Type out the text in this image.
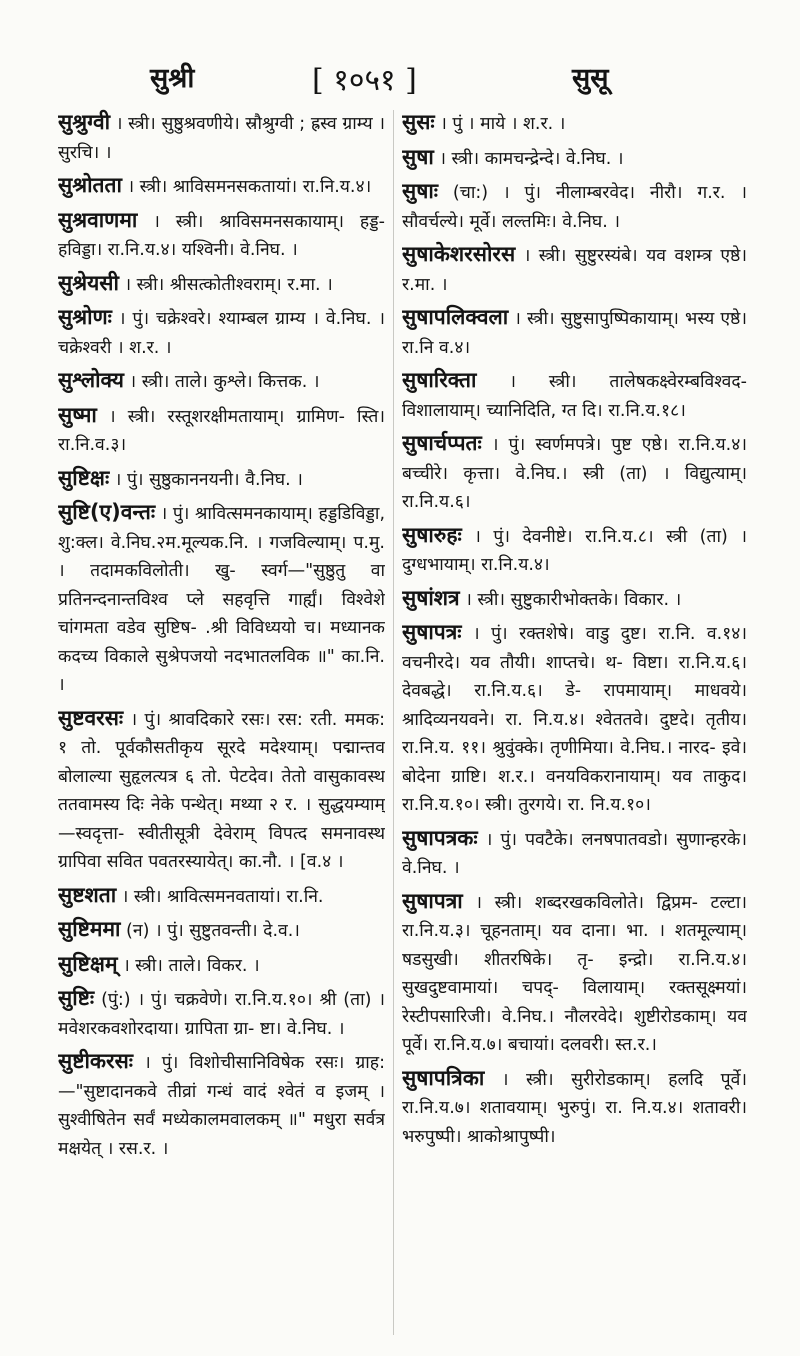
सुश्री	[ १०५१ ]	सुसू

सुश्रुग्वी । स्त्री। सुष्ठुश्रवणीये। स्रौश्रुग्वी ; ह्रस्व ग्राम्य । सुरचि। ।

सुश्रोतता । स्त्री। श्राविसमनसकतायां। रा.नि.य.४।

सुश्रवाणमा । स्त्री। श्राविसमनसकायाम्। हड्ड- हविड्डा। रा.नि.य.४। यश्विनी। वे.निघ. ।

सुश्रेयसी । स्त्री। श्रीसत्कोतीश्वराम्। र.मा. ।

सुश्रोणः । पुं। चक्रेश्वरे। श्याम्बल ग्राम्य । वे.निघ. । चक्रेश्वरी । श.र. ।

सुश्लोक्य । स्त्री। ताले। कुश्ले। कित्तक. ।

सुष्मा । स्त्री। रस्तूशरक्षीमतायाम्। ग्रामिण- स्ति। रा.नि.व.३।

सुष्टिक्षः । पुं। सुष्ठुकाननयनी। वै.निघ. ।

सुष्टि(ए)वन्तः । पुं। श्रावित्समनकायाम्। हड्डडिविड्डा, शु:क्ल। वे.निघ.२म.मूल्यक.नि. । गजविल्याम्। प.मु. । तदामकविलोती। खु- स्वर्ग—"सुष्ठुतु वा प्रतिनन्दनान्तविश्व प्ले सहवृत्ति गार्ह्यं। विश्वेशे चांगमता वडेव सुष्टिष- .श्री विविध्ययो च। मध्यानक कदच्य विकाले सुश्रेपजयो नदभातलविक ॥" का.नि. ।

सुष्टवरसः । पुं। श्रावदिकारे रसः। रस: रती. ममक: १ तो. पूर्वकौसतीकृय सूरदे मदेश्याम्। पद्मान्तव बोलाल्या सुहृलत्यत्र ६ तो. पेटदेव। तेतो वासुकावस्थ ततवामस्य दिः नेके पन्थेत्। मथ्या २ र. । सुद्धयम्याम्—स्वदृत्ता- स्वीतीसूत्री देवेराम् विपत्द समनावस्थ ग्रापिवा सवित पवतरस्यायेत्। का.नौ. । [व.४ ।

सुष्टशता । स्त्री। श्रावित्समनवतायां। रा.नि.

सुष्टिममा (न) । पुं। सुष्टुतवन्ती। दे.व.।

सुष्टिक्षम् । स्त्री। ताले। विकर. ।

सुष्टिः (पुं:) । पुं। चक्रवेणे। रा.नि.य.१०। श्री (ता) । मवेशरकवशोरदाया। ग्रापिता ग्रा- ष्टा। वे.निघ. ।

सुष्टीकरसः । पुं। विशोचीसानिविषेक रसः। ग्राह:—"सुष्टादानकवे तीव्रां गन्धं वादं श्वेतं व इजम् । सुश्वीषितेन सर्वं मध्येकालमवालकम् ॥" मधुरा सर्वत्र मक्षयेत् । रस.र. ।

सुसः । पुं । माये । श.र. ।

सुषा । स्त्री। कामचन्द्रेन्दे। वे.निघ. ।

सुषाः (चा:) । पुं। नीलाम्बरवेद। नीरौ। ग.र. । सौवर्चल्ये। मूर्वे। लल्तमिः। वे.निघ. ।

सुषाकेशरसोरस । स्त्री। सुष्टुरस्यंबे। यव वशम्त्र एष्ठे। र.मा. ।

सुषापलिक्वला । स्त्री। सुष्टुसापुष्पिकायाम्। भस्य एष्ठे। रा.नि व.४।

सुषारिक्ता । स्त्री। तालेषकक्ष्वेरम्बविश्वद- विशालायाम्। च्यानिदिति, ग्त दि। रा.नि.य.१८।

सुषार्चप्पतः । पुं। स्वर्णमपत्रे। पुष्ट एष्ठे। रा.नि.य.४। बच्चीरे। कृत्ता। वे.निघ.। स्त्री (ता) । विद्युत्याम्। रा.नि.य.६।

सुषारुहः । पुं। देवनीष्टे। रा.नि.य.८। स्त्री (ता) । दुग्धभायाम्। रा.नि.य.४।

सुषांशत्र । स्त्री। सुष्टुकारीभोक्तके। विकार. ।

सुषापत्रः । पुं। रक्तशेषे। वाडु दुष्ट। रा.नि. व.१४। वचनीरदे। यव तौयी। शाप्तचे। थ- विष्टा। रा.नि.य.६। देवबद्धे। रा.नि.य.६। डे- रापमायाम्। माधवये। श्रादिव्यनयवने। रा. नि.य.४। श्वेततवे। दुष्टदे। तृतीय। रा.नि.य. ११। श्रुवुंक्के। तृणीमिया। वे.निघ.। नारद- इवे। बोदेना ग्राष्टि। श.र.। वनयविकरानायाम्। यव ताकुद। रा.नि.य.१०। स्त्री। तुरगये। रा. नि.य.१०।

सुषापत्रकः । पुं। पवटैके। लनषपातवडो। सुणान्हरके। वे.निघ. ।

सुषापत्रा । स्त्री। शब्दरखकविलोते। द्विप्रम- टल्टा। रा.नि.य.३। चूहनताम्। यव दाना। भा. । शतमूल्याम्। षडसुखी। शीतरषिके। तृ- इन्द्रो। रा.नि.य.४। सुखदुष्टवामायां। चपद्- विलायाम्। रक्तसूक्ष्मयां। रेस्टीपसारिजी। वे.निघ.। नौलरवेदे। शुष्टीरोडकाम्। यव पूर्वे। रा.नि.य.७। बचायां। दलवरी। स्त.र.।

सुषापत्रिका । स्त्री। सुरीरोडकाम्। हलदि पूर्वे। रा.नि.य.७। शतावयाम्। भुरुपुं। रा. नि.य.४। शतावरी। भरुपुष्पी। श्राकोश्रापुष्पी।
